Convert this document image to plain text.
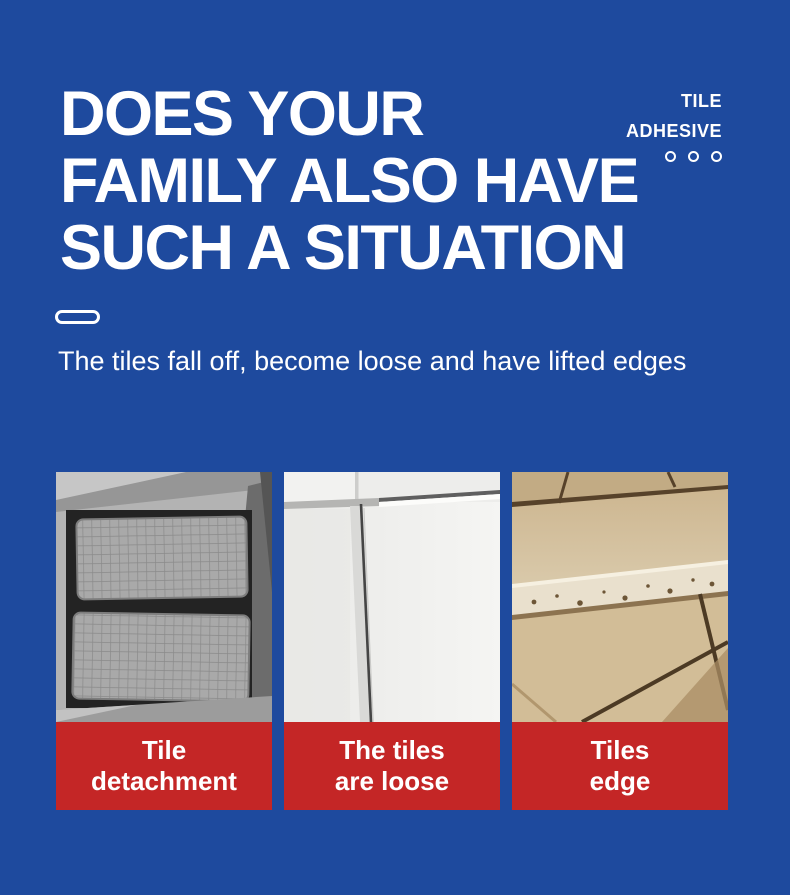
TILE
ADHESIVE
DOES YOUR
FAMILY ALSO HAVE
SUCH A SITUATION
The tiles fall off, become loose and have lifted edges
Tile
detachment
The tiles
are loose
Tiles
edge
